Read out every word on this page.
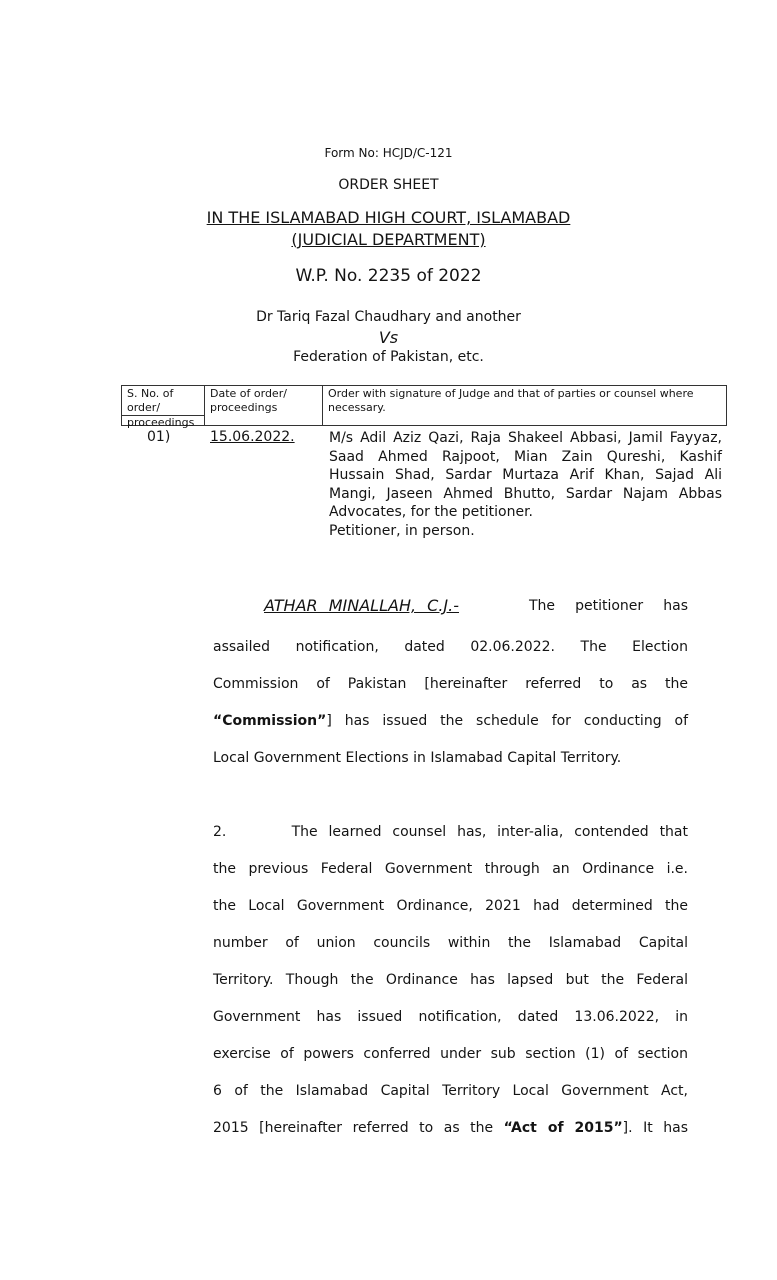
Form No: HCJD/C-121
ORDER SHEET
IN THE ISLAMABAD HIGH COURT, ISLAMABAD
(JUDICIAL DEPARTMENT)
W.P. No. 2235 of 2022
Dr Tariq Fazal Chaudhary and another
Vs
Federation of Pakistan, etc.
S. No. of
order/
proceedings
Date of order/
proceedings
Order with signature of Judge and that of parties or counsel where
necessary.
01)	15.06.2022. M/s Adil Aziz Qazi, Raja Shakeel Abbasi, Jamil Fayyaz, Saad Ahmed Rajpoot, Mian Zain Qureshi, Kashif Hussain Shad, Sardar Murtaza Arif Khan, Sajad Ali Mangi, Jaseen Ahmed Bhutto, Sardar Najam Abbas Advocates, for the petitioner.

Petitioner, in person.

ATHAR MINALLAH, C.J.-	The petitioner has
assailed notification, dated 02.06.2022. The Election
Commission of Pakistan [hereinafter referred to as the
“Commission”] has issued the schedule for conducting of
Local Government Elections in Islamabad Capital Territory.
2.      The learned counsel has, inter-alia, contended that
the previous Federal Government through an Ordinance i.e.
the Local Government Ordinance, 2021 had determined the
number of union councils within the Islamabad Capital
Territory. Though the Ordinance has lapsed but the Federal
Government has issued notification, dated 13.06.2022, in
exercise of powers conferred under sub section (1) of section
6 of the Islamabad Capital Territory Local Government Act,
2015 [hereinafter referred to as the “Act of 2015”]. It has
